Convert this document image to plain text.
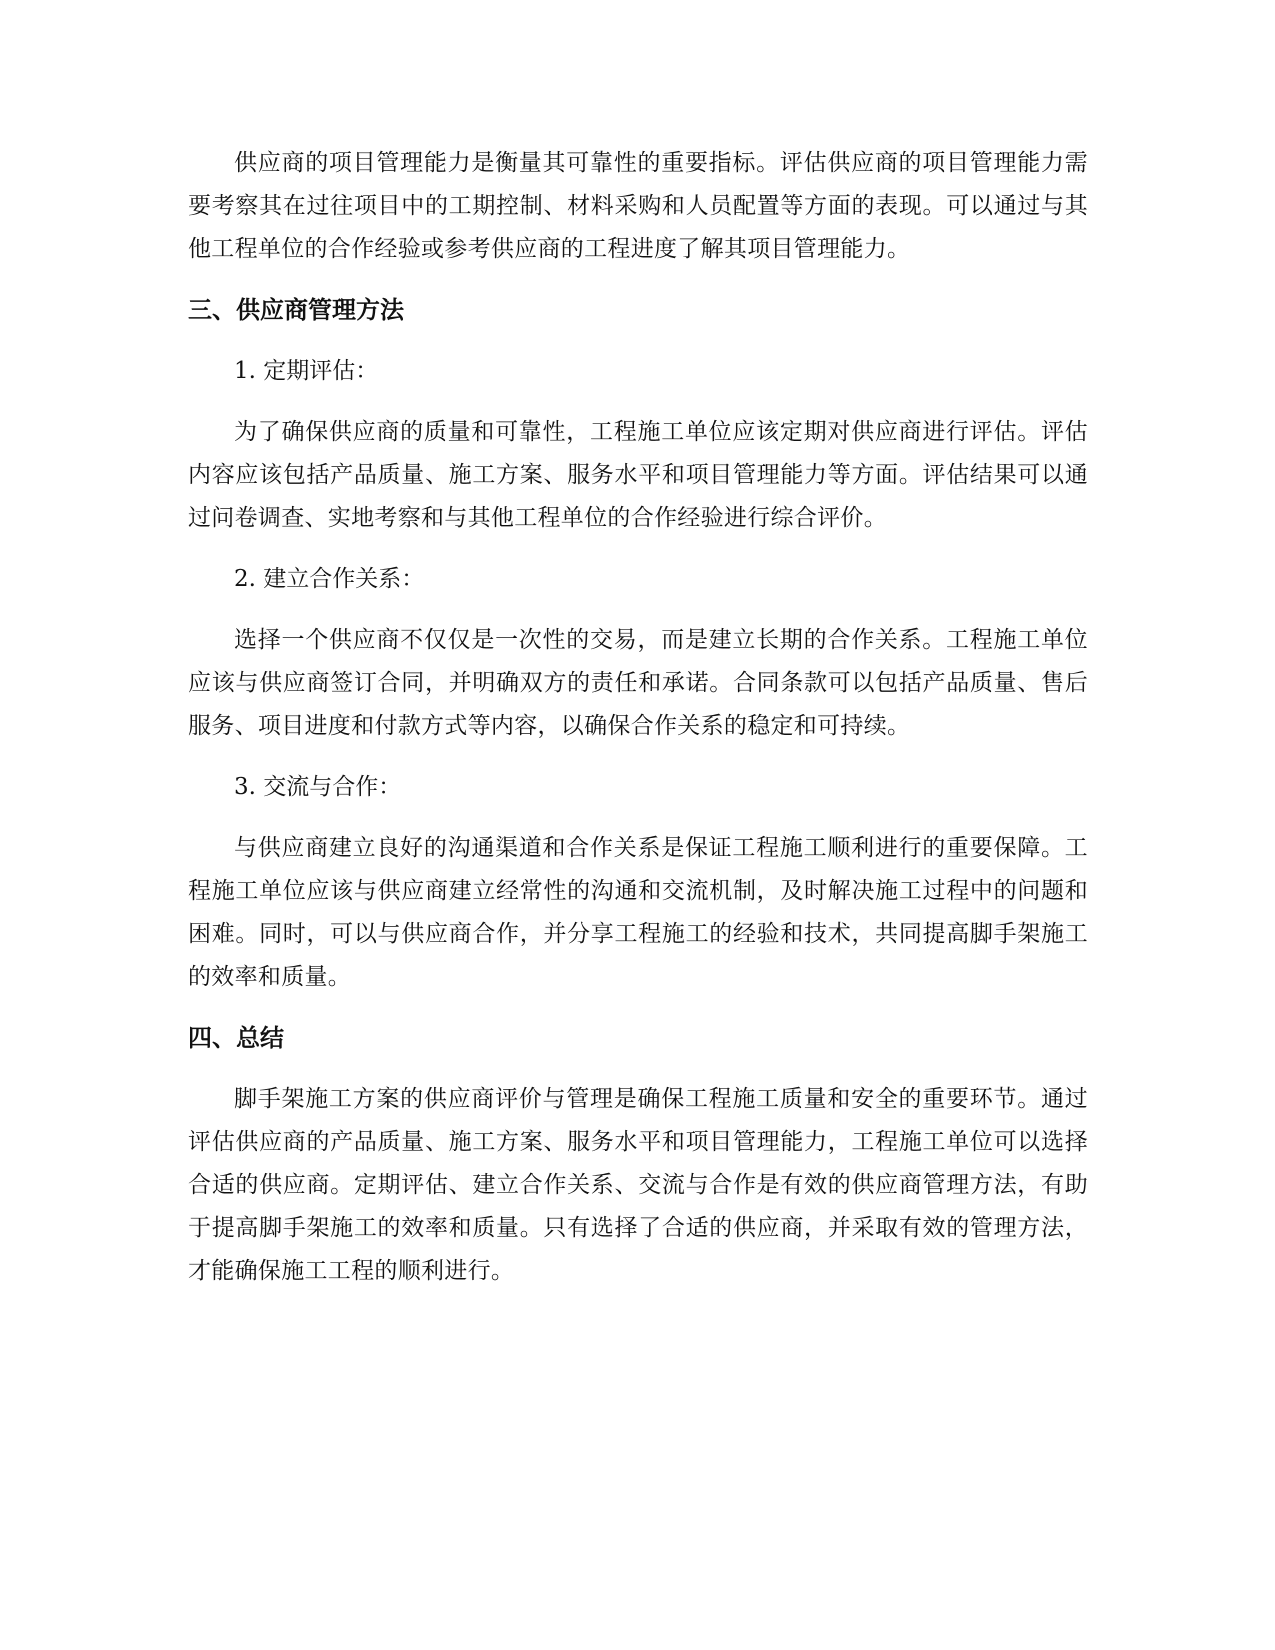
供应商的项目管理能力是衡量其可靠性的重要指标。评估供应商的项目管理能力需要考察其在过往项目中的工期控制、材料采购和人员配置等方面的表现。可以通过与其他工程单位的合作经验或参考供应商的工程进度了解其项目管理能力。

三、供应商管理方法

1. 定期评估：

为了确保供应商的质量和可靠性，工程施工单位应该定期对供应商进行评估。评估内容应该包括产品质量、施工方案、服务水平和项目管理能力等方面。评估结果可以通过问卷调查、实地考察和与其他工程单位的合作经验进行综合评价。

2. 建立合作关系：

选择一个供应商不仅仅是一次性的交易，而是建立长期的合作关系。工程施工单位应该与供应商签订合同，并明确双方的责任和承诺。合同条款可以包括产品质量、售后服务、项目进度和付款方式等内容，以确保合作关系的稳定和可持续。

3. 交流与合作：

与供应商建立良好的沟通渠道和合作关系是保证工程施工顺利进行的重要保障。工程施工单位应该与供应商建立经常性的沟通和交流机制，及时解决施工过程中的问题和困难。同时，可以与供应商合作，并分享工程施工的经验和技术，共同提高脚手架施工的效率和质量。

四、总结

脚手架施工方案的供应商评价与管理是确保工程施工质量和安全的重要环节。通过评估供应商的产品质量、施工方案、服务水平和项目管理能力，工程施工单位可以选择合适的供应商。定期评估、建立合作关系、交流与合作是有效的供应商管理方法，有助于提高脚手架施工的效率和质量。只有选择了合适的供应商，并采取有效的管理方法，才能确保施工工程的顺利进行。
